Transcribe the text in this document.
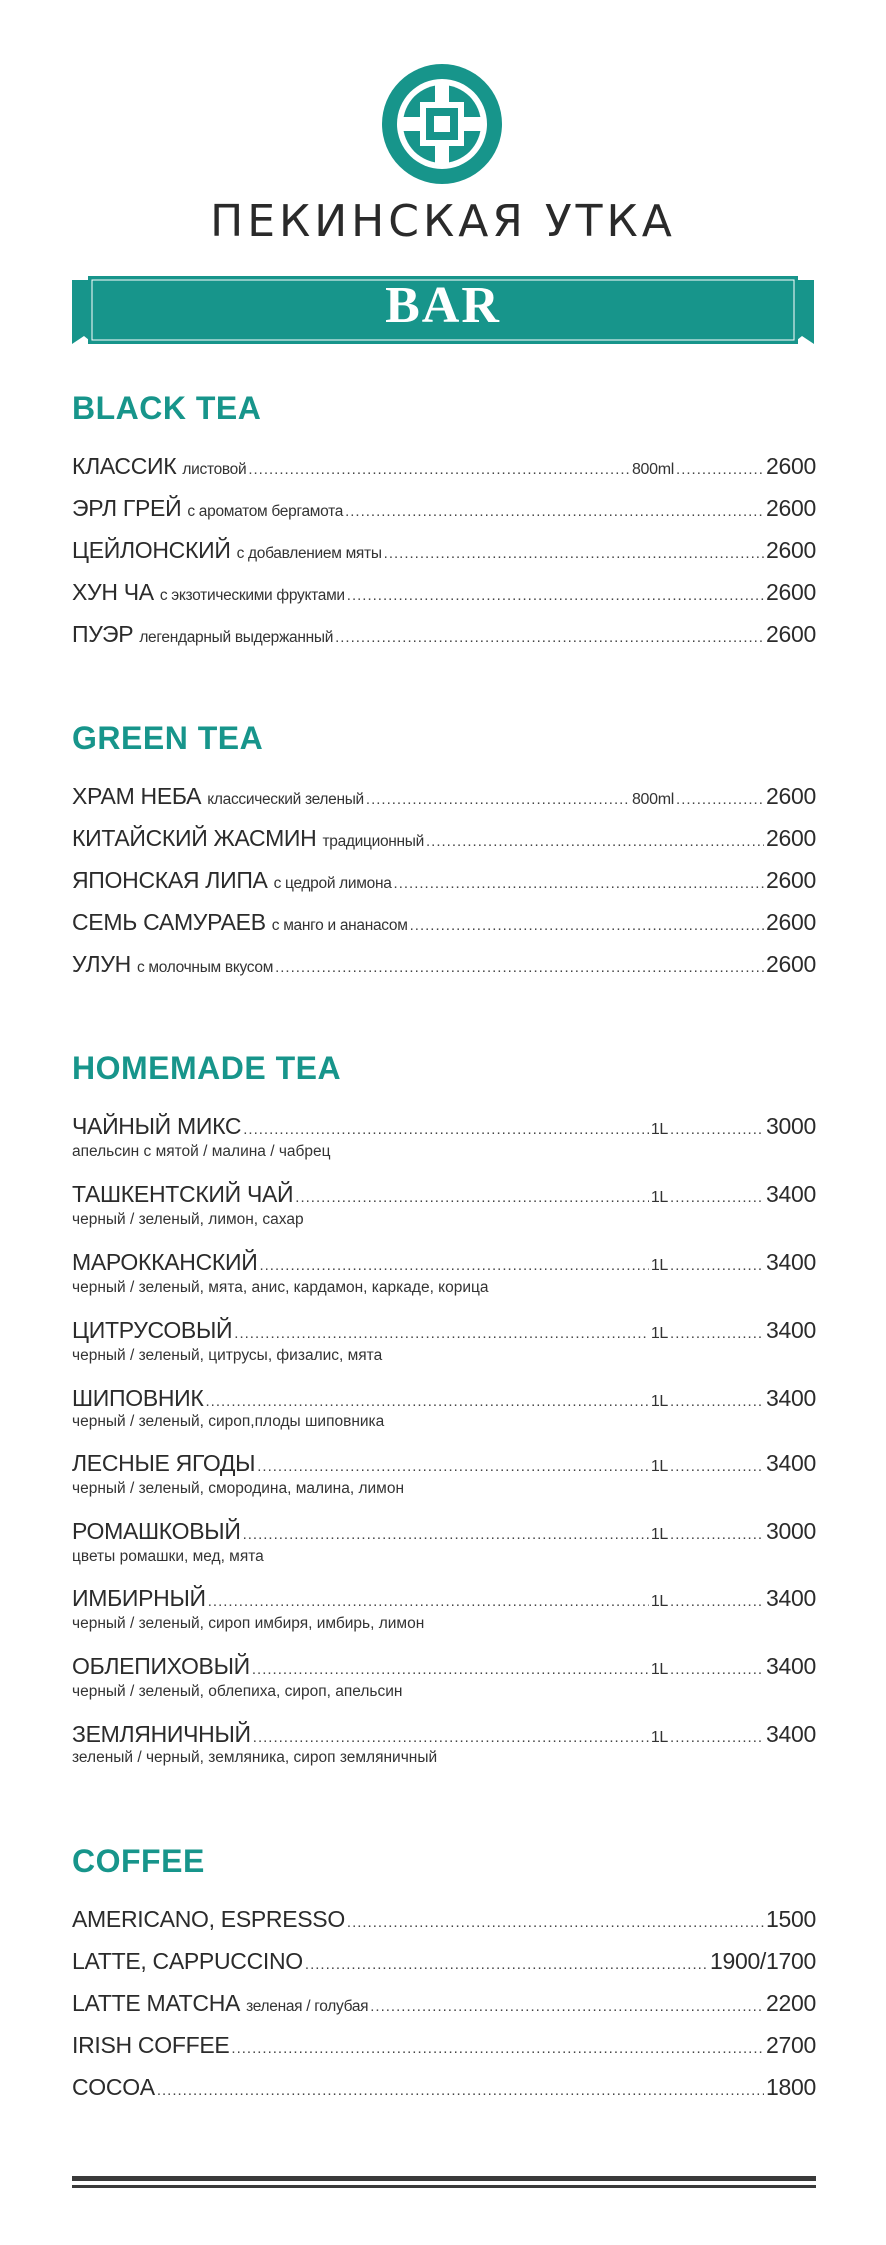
ПЕКИНСКАЯ УТКА
BAR
BLACK TEA
КЛАССИК листовой .....	800ml .....	2600
ЭРЛ ГРЕЙ с ароматом бергамота .....	2600
ЦЕЙЛОНСКИЙ с добавлением мяты .....	2600
ХУН ЧА с экзотическими фруктами .....	2600
ПУЭР легендарный выдержанный .....	2600
GREEN TEA
ХРАМ НЕБА классический зеленый .....	800ml .....	2600
КИТАЙСКИЙ ЖАСМИН традиционный .....	2600
ЯПОНСКАЯ ЛИПА с цедрой лимона .....	2600
СЕМЬ САМУРАЕВ с манго и ананасом .....	2600
УЛУН с молочным вкусом .....	2600
HOMEMADE TEA
ЧАЙНЫЙ МИКС .....	1L .....	3000
апельсин с мятой / малина / чабрец
ТАШКЕНТСКИЙ ЧАЙ .....	1L .....	3400
черный / зеленый, лимон, сахар
МАРОККАНСКИЙ .....	1L .....	3400
черный / зеленый, мята, анис, кардамон, каркаде, корица
ЦИТРУСОВЫЙ .....	1L .....	3400
черный / зеленый, цитрусы, физалис, мята
ШИПОВНИК .....	1L .....	3400
черный / зеленый, сироп,плоды шиповника
ЛЕСНЫЕ ЯГОДЫ .....	1L .....	3400
черный / зеленый, смородина, малина, лимон
РОМАШКОВЫЙ .....	1L .....	3000
цветы ромашки, мед, мята
ИМБИРНЫЙ .....	1L .....	3400
черный / зеленый, сироп имбиря, имбирь, лимон
ОБЛЕПИХОВЫЙ .....	1L .....	3400
черный / зеленый, облепиха, сироп, апельсин
ЗЕМЛЯНИЧНЫЙ .....	1L .....	3400
зеленый / черный, земляника, сироп земляничный
COFFEE
AMERICANO, ESPRESSO .....	1500
LATTE, CAPPUCCINO .....	1900/1700
LATTE MATCHA зеленая / голубая .....	2200
IRISH COFFEE .....	2700
COCOA .....	1800
